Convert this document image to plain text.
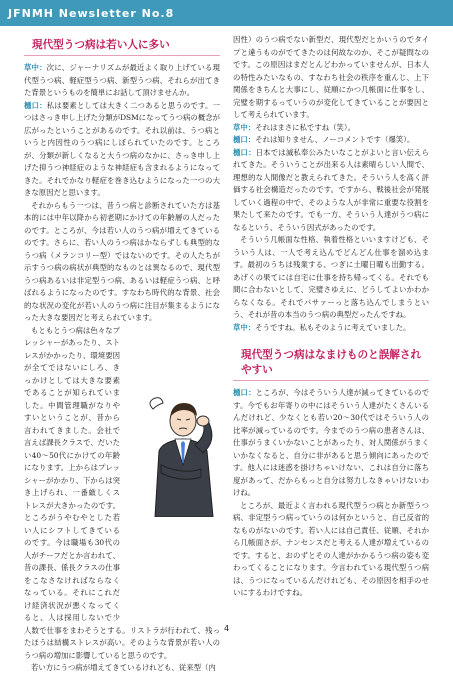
JFNMH Newsletter No.8
現代型うつ病は若い人に多い

草中：次に、ジャーナリズムが最近よく取り上げている現代型うつ病、軽症型うつ病、新型うつ病、それらが出てきた背景というものを簡単にお話して頂けませんか。

樋口：私は要素としては大きく二つあると思うのです。一つはさっき申し上げた分類がDSMになってうつ病の概念が広がったということがあるのです。それ以前は、うつ病というと内因性のうつ病にしぼられていたのです。ところが、分類が新しくなると大うつ病のなかに、さっき申し上げた抑うつ神経症のような神経症も含まれるようになってきた。それでかなり軽症を巻き込むようになった一つの大きな原因だと思います。

それからもう一つは、昔うつ病と診断されていた方は基本的には中年以降から初老期にかけての年齢層の人だったのです。ところが、今は若い人のうつ病が増えてきているのです。さらに、若い人のうつ病はかならずしも典型的なうつ病（メランコリー型）ではないのです。その人たちが示すうつ病の病状が典型的なものとは異なるので、現代型うつ病あるいは非定型うつ病、あるいは軽症うつ病、と呼ばれるようになったのです。すなわち時代的な背景、社会的な状況の変化が若い人のうつ病に注目が集まるようになった大きな要因だと考えられています。

もともとうつ病は色々なプレッシャーがあったり、ストレスがかかったり、環境要因が全てではないにしろ、きっかけとしては大きな要素であることが知られていました。中間管理職がなりやすいということが、昔から言われてきました。会社で言えば課長クラスで、だいたい40～50代にかけての年齢になります。上からはプレッシャーがかかり、下からは突き上げられ、一番厳しくストレスが大きかったのです。ところがうやむやとした若い人にシフトしてきているのです。今は職場も30代の人がチーフだとか言われて、昔の課長、係長クラスの仕事をこなさなければならなくなっている。それにこれだけ経済状況が悪くなってくると、人は採用しないで少人数で仕事をまわそうとする。リストラが行われて、残ったほうは結構ストレスが高い。そのような背景が若い人のうつ病の増加に影響していると思うのです。

若い方にうつ病が増えてきているけれども、従来型（内

因性）のうつ病でない新型だ、現代型だとかいうのでタイプと違うものがでてきたのは何故なのか、そこが疑問なのです。この原因はまだとんどわかっていませんが、日本人の特性みたいなもの、すなわち社会の秩序を重んじ、上下関係をきちんと大事にし、従順にかつ几帳面に仕事をし、完璧を期するっていうのが変化してきていることが要因として考えられています。

草中：それはまさに私ですね（笑）。

樋口：それは知りません、ノーコメントです（爆笑）。

樋口：日本では滅私奉公みたいなことがよいと言い伝えられてきた。そういうことが出来る人は素晴らしい人間で、理想的な人間像だと教えられてきた。そういう人を高く評価する社会構造だったのです。ですから、戦後社会が発展していく過程の中で、そのような人が非常に重要な役割を果たして来たのです。でも一方、そういう人達がうつ病になるという、そういう因式があったのです。

そういう几帳面な性格、執着性格といいますけども、そういう人は、一人で考え込んでどんどん仕事を溜め込ます。最初のうちは残業する、つぎに土曜日曜も出勤する。あげくの果てには自宅に仕事を持ち帰ってくる。それでも間に合わないとして、完璧さゆえに、どうしてよいかわからなくなる。それでパサァーっと落ち込んでしまうという、それが昔の本当のうつ病の典型だったんですね。

草中：そうですね。私もそのように考えていました。

現代型うつ病はなまけものと誤解されやすい

樋口：ところが、今はそういう人達が減ってきているのです。今でもお年寄りの中にはそういう人達がたくさんいるんだけれど、少なくとも若い20～30代ではそういう人の比率が減っているのです。今までのうつ病の患者さんは、仕事がうまくいかないことがあったり、対人関係がうまくいかなくなると、自分に非があると思う傾向にあったのです。他人には迷惑を掛けちゃいけない、これは自分に落ち度があって、だからもっと自分は努力しなきゃいけないわけね。

ところが、最近よく言われる現代型うつ病とか新型うつ病、非定型うつ病っていうのは何かというと、自己反省的なものがないのです。若い人には自己責任、従順、それから几帳面さが、ナンセンスだと考える人達が増えているのです。すると、おのずとその人達がかかるうつ病の姿も変わってくることになります。今言われている現代型うつ病は、うつになっているんだけれども、その原因を相手のせいにするわけですね。

4
